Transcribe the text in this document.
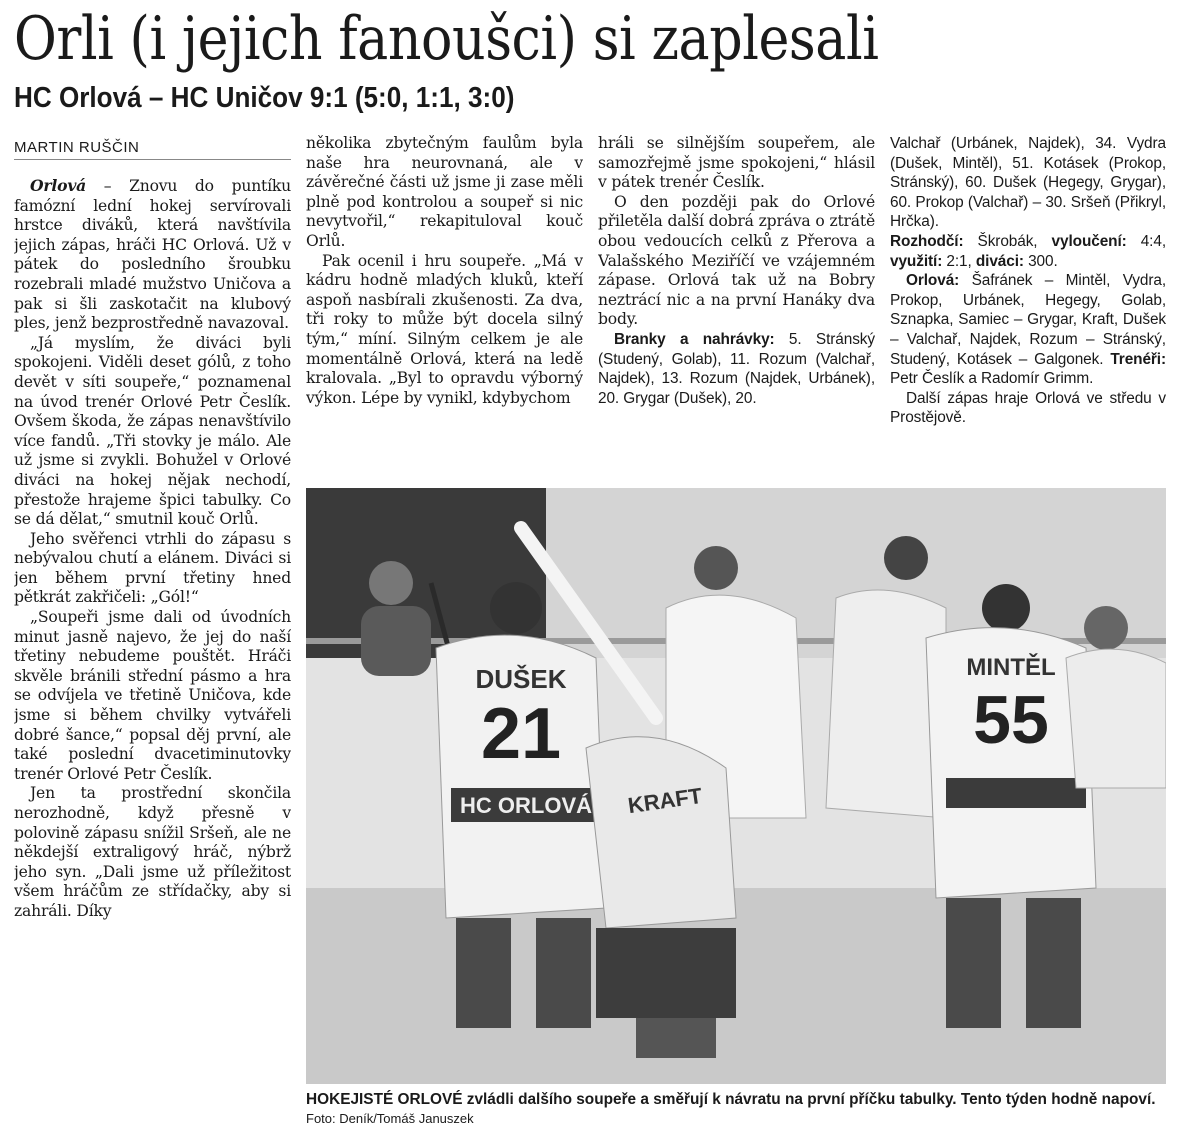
Orli (i jejich fanoušci) si zaplesali
HC Orlová – HC Uničov 9:1 (5:0, 1:1, 3:0)
MARTIN RUŠČIN

Orlová – Znovu do puntíku famózní lední hokej servírovali hrstce diváků, která navštívila jejich zápas, hráči HC Orlová. Už v pátek do posledního šroubku rozebrali mladé mužstvo Uničova a pak si šli zaskotačit na klubový ples, jenž bezprostředně navazoval.

„Já myslím, že diváci byli spokojeni. Viděli deset gólů, z toho devět v síti soupeře,“ poznamenal na úvod trenér Orlové Petr Česlík. Ovšem škoda, že zápas nenavštívilo více fandů. „Tři stovky je málo. Ale už jsme si zvykli. Bohužel v Orlové diváci na hokej nějak nechodí, přestože hrajeme špici tabulky. Co se dá dělat,“ smutnil kouč Orlů.

Jeho svěřenci vtrhli do zápasu s nebývalou chutí a elánem. Diváci si jen během první třetiny hned pětkrát zakřičeli: „Gól!“

„Soupeři jsme dali od úvodních minut jasně najevo, že jej do naší třetiny nebudeme pouštět. Hráči skvěle bránili střední pásmo a hra se odvíjela ve třetině Uničova, kde jsme si během chvilky vytvářeli dobré šance,“ popsal děj první, ale také poslední dvacetiminutovky trenér Orlové Petr Česlík.

Jen ta prostřední skončila nerozhodně, když přesně v polovině zápasu snížil Sršeň, ale ne někdejší extraligový hráč, nýbrž jeho syn. „Dali jsme už příležitost všem hráčům ze střídačky, aby si zahráli. Díky

několika zbytečným faulům byla naše hra neurovnaná, ale v závěrečné části už jsme ji zase měli plně pod kontrolou a soupeř si nic nevytvořil,“ rekapituloval kouč Orlů.

Pak ocenil i hru soupeře. „Má v kádru hodně mladých kluků, kteří aspoň nasbírali zkušenosti. Za dva, tři roky to může být docela silný tým,“ míní. Silným celkem je ale momentálně Orlová, která na ledě kralovala. „Byl to opravdu výborný výkon. Lépe by vynikl, kdybychom

hráli se silnějším soupeřem, ale samozřejmě jsme spokojeni,“ hlásil v pátek trenér Česlík.

O den později pak do Orlové přiletěla další dobrá zpráva o ztrátě obou vedoucích celků z Přerova a Valašského Meziříčí ve vzájemném zápase. Orlová tak už na Bobry neztrácí nic a na první Hanáky dva body.

Branky a nahrávky: 5. Stránský (Studený, Golab), 11. Rozum (Valchař, Najdek), 13. Rozum (Najdek, Urbánek), 20. Grygar (Dušek), 20.

Valchař (Urbánek, Najdek), 34. Vydra (Dušek, Mintěl), 51. Kotásek (Prokop, Stránský), 60. Dušek (Hegegy, Grygar), 60. Prokop (Valchař) – 30. Sršeň (Přikryl, Hrčka).

Rozhodčí: Škrobák, vyloučení: 4:4, využití: 2:1, diváci: 300.

Orlová: Šafránek – Mintěl, Vydra, Prokop, Urbánek, Hegegy, Golab, Sznapka, Samiec – Grygar, Kraft, Dušek – Valchař, Najdek, Rozum – Stránský, Studený, Kotásek – Galgonek. Trenéři: Petr Česlík a Radomír Grimm.

Další zápas hraje Orlová ve středu v Prostějově.

HC ORLOVÁ
DUŠEK
21
KRAFT
MINTĚL
55
HOKEJISTÉ ORLOVÉ zvládli dalšího soupeře a směřují k návratu na první příčku tabulky. Tento týden hodně napoví. Foto: Deník/Tomáš Januszek
